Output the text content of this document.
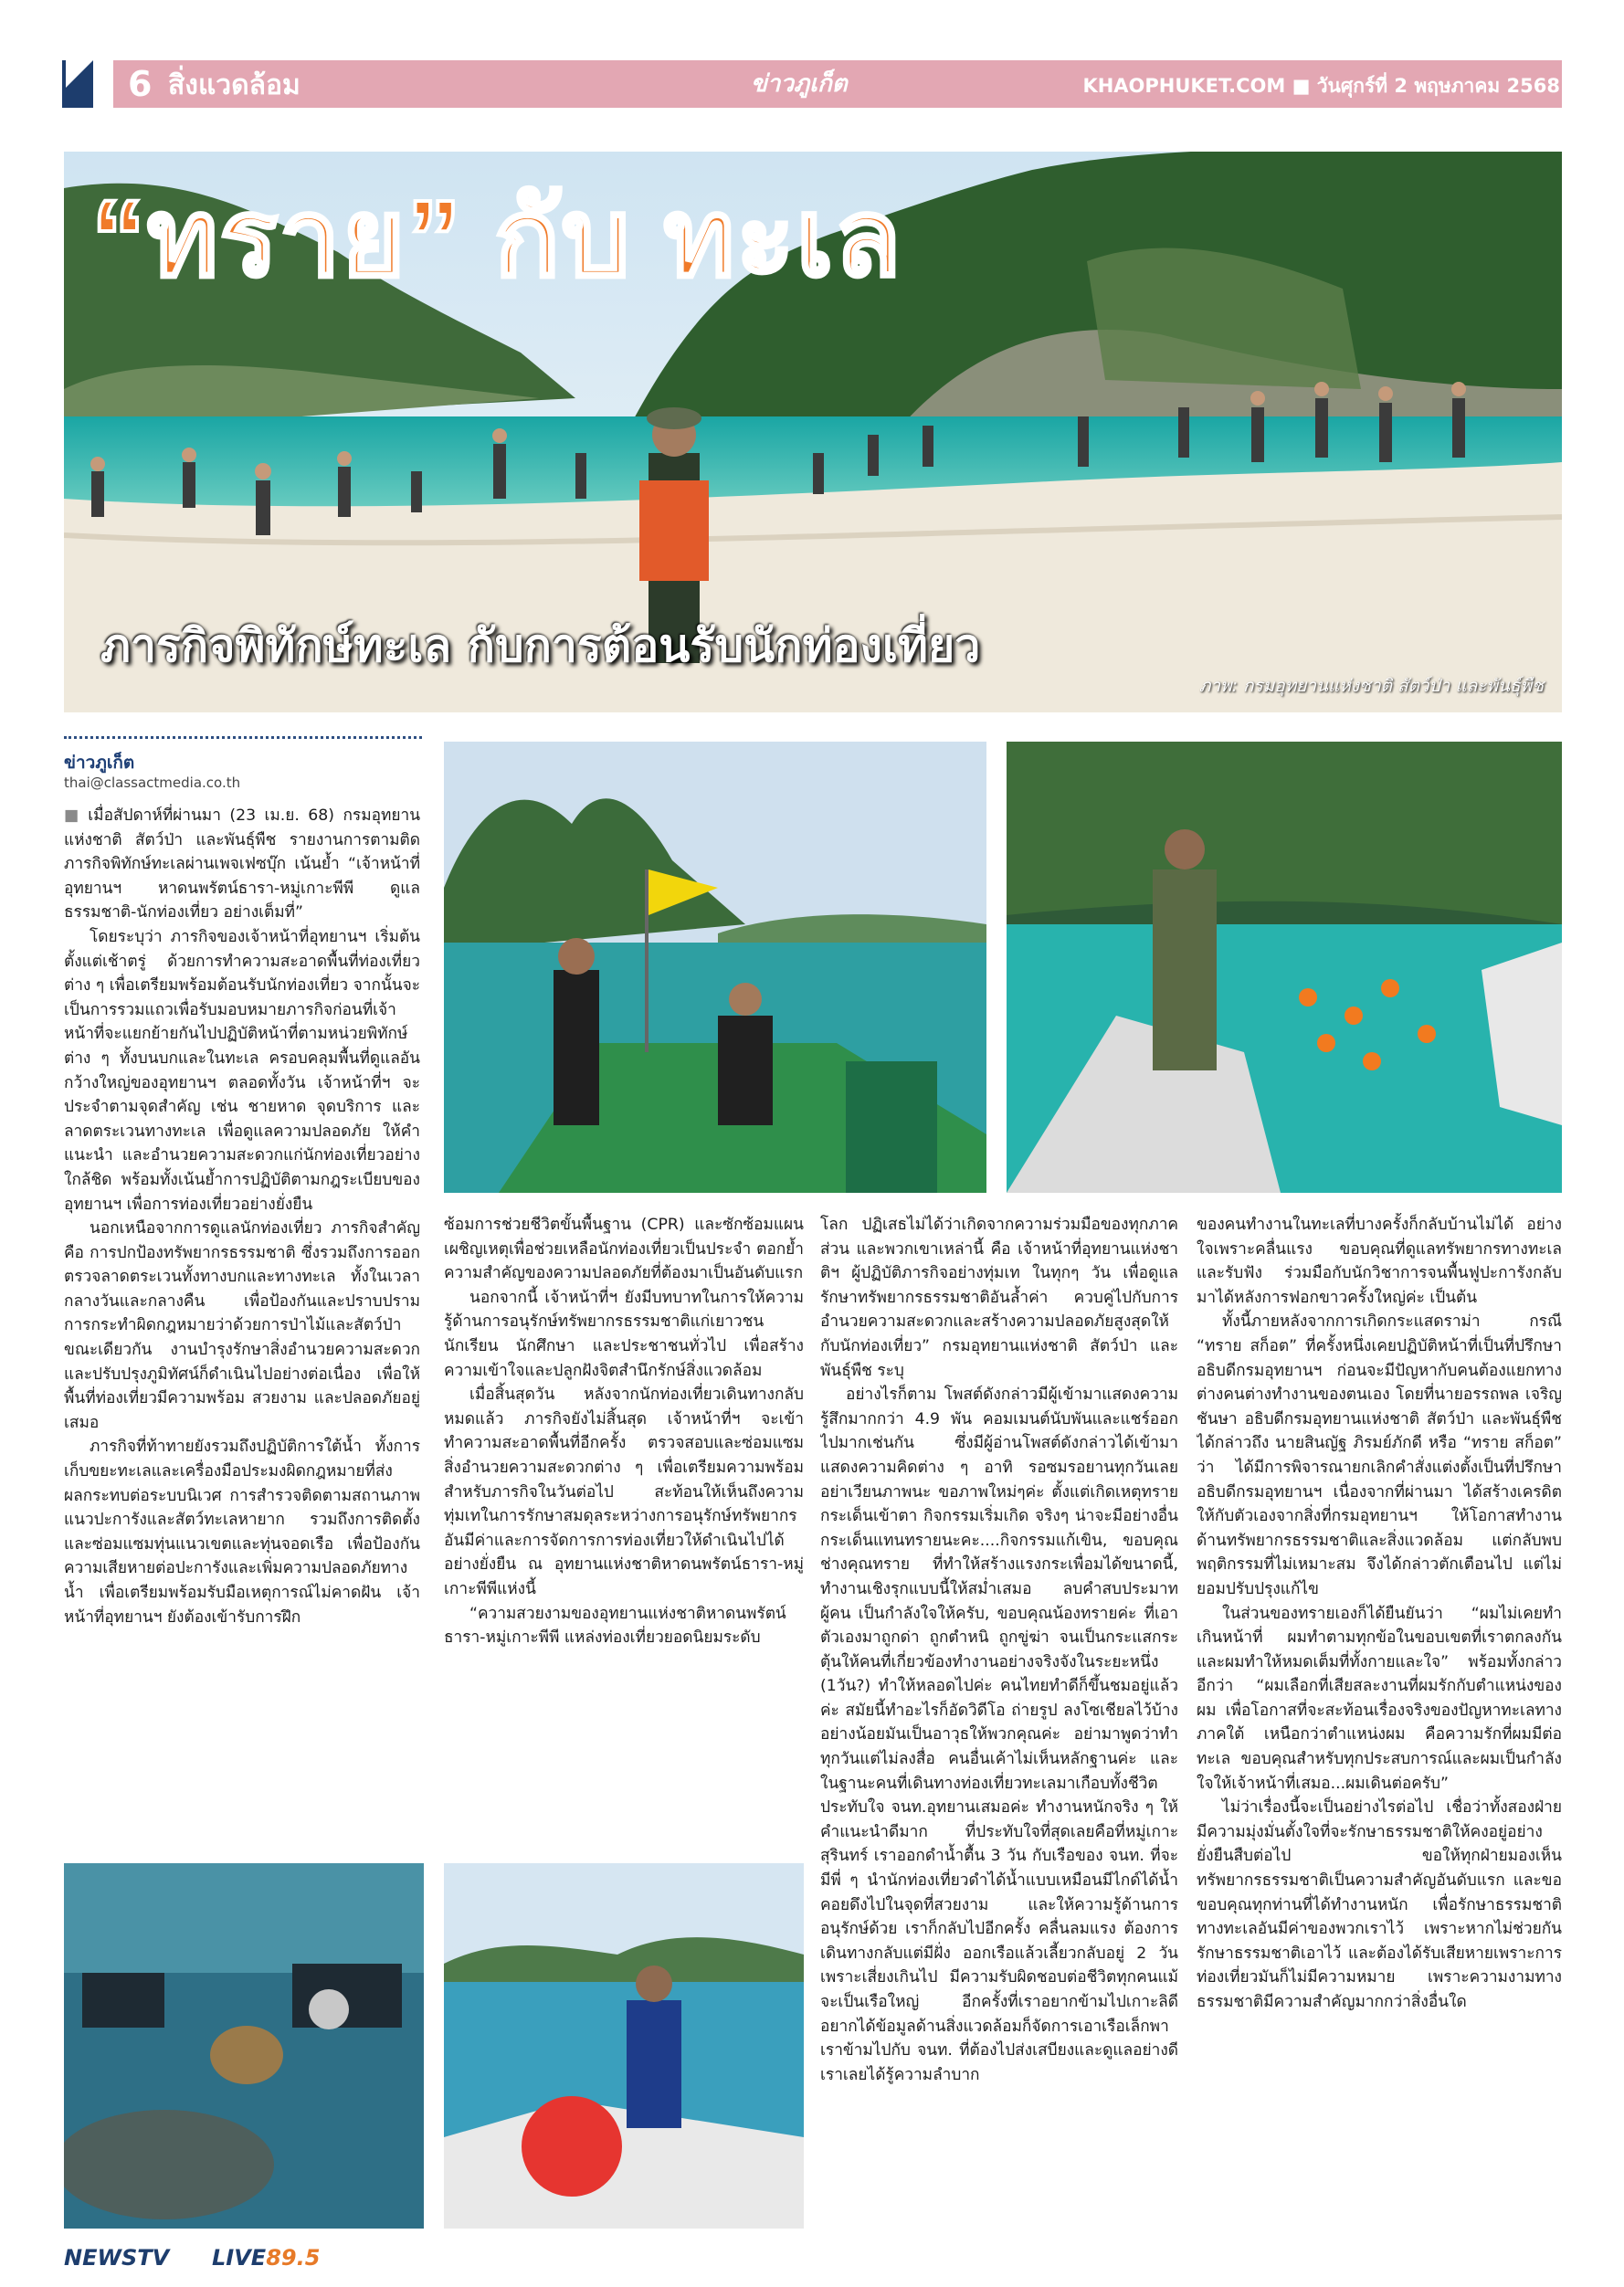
6 สิ่งแวดล้อม	ข่าวภูเก็ต	KHAOPHUKET.COM ■ วันศุกร์ที่ 2 พฤษภาคม 2568
“ทราย” กับ ทะเล
ภารกิจพิทักษ์ทะเล กับการต้อนรับนักท่องเที่ยว
ภาพ: กรมอุทยานแห่งชาติ สัตว์ป่า และพันธุ์พืช
ข่าวภูเก็ต
thai@classactmedia.co.th

■ เมื่อสัปดาห์ที่ผ่านมา (23 เม.ย. 68) กรมอุทยานแห่งชาติ สัตว์ป่า และพันธุ์พืช รายงานการตามติดภารกิจพิทักษ์ทะเลผ่านเพจเฟซบุ๊ก เน้นย้ำ “เจ้าหน้าที่อุทยานฯ หาดนพรัตน์ธารา-หมู่เกาะพีพี ดูแลธรรมชาติ-นักท่องเที่ยว อย่างเต็มที่”

โดยระบุว่า ภารกิจของเจ้าหน้าที่อุทยานฯ เริ่มต้นตั้งแต่เช้าตรู่ ด้วยการทำความสะอาดพื้นที่ท่องเที่ยวต่าง ๆ เพื่อเตรียมพร้อมต้อนรับนักท่องเที่ยว จากนั้นจะเป็นการรวมแถวเพื่อรับมอบหมายภารกิจก่อนที่เจ้าหน้าที่จะแยกย้ายกันไปปฏิบัติหน้าที่ตามหน่วยพิทักษ์ต่าง ๆ ทั้งบนบกและในทะเล ครอบคลุมพื้นที่ดูแลอันกว้างใหญ่ของอุทยานฯ ตลอดทั้งวัน เจ้าหน้าที่ฯ จะประจำตามจุดสำคัญ เช่น ชายหาด จุดบริการ และลาดตระเวนทางทะเล เพื่อดูแลความปลอดภัย ให้คำแนะนำ และอำนวยความสะดวกแก่นักท่องเที่ยวอย่างใกล้ชิด พร้อมทั้งเน้นย้ำการปฏิบัติตามกฎระเบียบของอุทยานฯ เพื่อการท่องเที่ยวอย่างยั่งยืน

นอกเหนือจากการดูแลนักท่องเที่ยว ภารกิจสำคัญคือ การปกป้องทรัพยากรธรรมชาติ ซึ่งรวมถึงการออกตรวจลาดตระเวนทั้งทางบกและทางทะเล ทั้งในเวลากลางวันและกลางคืน เพื่อป้องกันและปราบปรามการกระทำผิดกฎหมายว่าด้วยการป่าไม้และสัตว์ป่า ขณะเดียวกัน งานบำรุงรักษาสิ่งอำนวยความสะดวกและปรับปรุงภูมิทัศน์ก็ดำเนินไปอย่างต่อเนื่อง เพื่อให้พื้นที่ท่องเที่ยวมีความพร้อม สวยงาม และปลอดภัยอยู่เสมอ

ภารกิจที่ท้าทายยังรวมถึงปฏิบัติการใต้น้ำ ทั้งการเก็บขยะทะเลและเครื่องมือประมงผิดกฎหมายที่ส่งผลกระทบต่อระบบนิเวศ การสำรวจติดตามสถานภาพแนวปะการังและสัตว์ทะเลหายาก รวมถึงการติดตั้งและซ่อมแซมทุ่นแนวเขตและทุ่นจอดเรือ เพื่อป้องกันความเสียหายต่อปะการังและเพิ่มความปลอดภัยทางน้ำ เพื่อเตรียมพร้อมรับมือเหตุการณ์ไม่คาดฝัน เจ้าหน้าที่อุทยานฯ ยังต้องเข้ารับการฝึก

ซ้อมการช่วยชีวิตขั้นพื้นฐาน (CPR) และซักซ้อมแผนเผชิญเหตุเพื่อช่วยเหลือนักท่องเที่ยวเป็นประจำ ตอกย้ำความสำคัญของความปลอดภัยที่ต้องมาเป็นอันดับแรก

นอกจากนี้ เจ้าหน้าที่ฯ ยังมีบทบาทในการให้ความรู้ด้านการอนุรักษ์ทรัพยากรธรรมชาติแก่เยาวชน นักเรียน นักศึกษา และประชาชนทั่วไป เพื่อสร้างความเข้าใจและปลูกฝังจิตสำนึกรักษ์สิ่งแวดล้อม

เมื่อสิ้นสุดวัน หลังจากนักท่องเที่ยวเดินทางกลับหมดแล้ว ภารกิจยังไม่สิ้นสุด เจ้าหน้าที่ฯ จะเข้าทำความสะอาดพื้นที่อีกครั้ง ตรวจสอบและซ่อมแซมสิ่งอำนวยความสะดวกต่าง ๆ เพื่อเตรียมความพร้อมสำหรับภารกิจในวันต่อไป สะท้อนให้เห็นถึงความทุ่มเทในการรักษาสมดุลระหว่างการอนุรักษ์ทรัพยากรอันมีค่าและการจัดการการท่องเที่ยวให้ดำเนินไปได้อย่างยั่งยืน ณ อุทยานแห่งชาติหาดนพรัตน์ธารา-หมู่เกาะพีพีแห่งนี้

“ความสวยงามของอุทยานแห่งชาติหาดนพรัตน์ธารา-หมู่เกาะพีพี แหล่งท่องเที่ยวยอดนิยมระดับ

โลก ปฏิเสธไม่ได้ว่าเกิดจากความร่วมมือของทุกภาคส่วน และพวกเขาเหล่านี้ คือ เจ้าหน้าที่อุทยานแห่งชาติฯ ผู้ปฏิบัติภารกิจอย่างทุ่มเท ในทุกๆ วัน เพื่อดูแลรักษาทรัพยากรธรรมชาติอันล้ำค่า ควบคู่ไปกับการอำนวยความสะดวกและสร้างความปลอดภัยสูงสุดให้กับนักท่องเที่ยว” กรมอุทยานแห่งชาติ สัตว์ป่า และพันธุ์พืช ระบุ

อย่างไรก็ตาม โพสต์ดังกล่าวมีผู้เข้ามาแสดงความรู้สึกมากกว่า 4.9 พัน คอมเมนต์นับพันและแชร์ออกไปมากเช่นกัน ซึ่งมีผู้อ่านโพสต์ดังกล่าวได้เข้ามาแสดงความคิดต่าง ๆ อาทิ รอซมรอยานทุกวันเลย อย่าเวียนภาพนะ ขอภาพใหม่ๆค่ะ ตั้งแต่เกิดเหตุทรายกระเด็นเข้าตา กิจกรรมเริ่มเกิด จริงๆ น่าจะมีอย่างอื่นกระเด็นแทนทรายนะคะ....กิจกรรมแก้เขิน, ขอบคุณช่างคุณทราย ที่ทำให้สร้างแรงกระเพื่อมได้ขนาดนี้, ทำงานเชิงรุกแบบนี้ให้สม่ำเสมอ ลบคำสบประมาทผู้คน เป็นกำลังใจให้ครับ, ขอบคุณน้องทรายค่ะ ที่เอาตัวเองมาถูกด่า ถูกตำหนิ ถูกขู่ฆ่า จนเป็นกระแสกระตุ้นให้คนที่เกี่ยวข้องทำงานอย่างจริงจังในระยะหนึ่ง (1วัน?) ทำให้หลอดไปค่ะ คนไทยทำดีก็ขึ้นชมอยู่แล้วค่ะ สมัยนี้ทำอะไรก็อัดวิดีโอ ถ่ายรูป ลงโซเชียลไว้บ้างอย่างน้อยมันเป็นอาวุธให้พวกคุณค่ะ อย่ามาพูดว่าทำทุกวันแต่ไม่ลงสื่อ คนอื่นเค้าไม่เห็นหลักฐานค่ะ และ ในฐานะคนที่เดินทางท่องเที่ยวทะเลมาเกือบทั้งชีวิต ประทับใจ จนท.อุทยานเสมอค่ะ ทำงานหนักจริง ๆ ให้คำแนะนำดีมาก ที่ประทับใจที่สุดเลยคือที่หมู่เกาะสุรินทร์ เราออกดำน้ำตื้น 3 วัน กับเรือของ จนท. ที่จะมีพี่ ๆ นำนักท่องเที่ยวดำได้น้ำแบบเหมือนมีไกด์ได้น้ำ คอยดึงไปในจุดที่สวยงาม และให้ความรู้ด้านการอนุรักษ์ด้วย เราก็กลับไปอีกครั้ง คลื่นลมแรง ต้องการเดินทางกลับแต่มีฝั่ง ออกเรือแล้วเลี้ยวกลับอยู่ 2 วัน เพราะเสี่ยงเกินไป มีความรับผิดชอบต่อชีวิตทุกคนแม้จะเป็นเรือใหญ่ อีกครั้งที่เราอยากข้ามไปเกาะลิดี อยากได้ข้อมูลด้านสิ่งแวดล้อมก็จัดการเอาเรือเล็กพาเราข้ามไปกับ จนท. ที่ต้องไปส่งเสบียงและดูแลอย่างดี เราเลยได้รู้ความลำบาก

ของคนทำงานในทะเลที่บางครั้งก็กลับบ้านไม่ได้ อย่างใจเพราะคลื่นแรง ขอบคุณที่ดูแลทรัพยากรทางทะเลและรับฟัง ร่วมมือกับนักวิชาการจนพื้นฟูปะการังกลับมาได้หลังการฟอกขาวครั้งใหญ่ค่ะ เป็นต้น

ทั้งนี้ภายหลังจากการเกิดกระแสดราม่า กรณี “ทราย สก็อต” ที่ครั้งหนึ่งเคยปฏิบัติหน้าที่เป็นที่ปรึกษาอธิบดีกรมอุทยานฯ ก่อนจะมีปัญหากับคนต้องแยกทางต่างคนต่างทำงานของตนเอง โดยที่นายอรรถพล เจริญชันษา อธิบดีกรมอุทยานแห่งชาติ สัตว์ป่า และพันธุ์พืช ได้กล่าวถึง นายสินญัฐ ภิรมย์ภักดี หรือ “ทราย สก็อต” ว่า ได้มีการพิจารณายกเลิกคำสั่งแต่งตั้งเป็นที่ปรึกษาอธิบดีกรมอุทยานฯ เนื่องจากที่ผ่านมา ได้สร้างเครดิตให้กับตัวเองจากสิ่งที่กรมอุทยานฯ ให้โอกาสทำงานด้านทรัพยากรธรรมชาติและสิ่งแวดล้อม แต่กลับพบพฤติกรรมที่ไม่เหมาะสม จึงได้กล่าวตักเตือนไป แต่ไม่ยอมปรับปรุงแก้ไข

ในส่วนของทรายเองก็ได้ยืนยันว่า “ผมไม่เคยทำเกินหน้าที่ ผมทำตามทุกข้อในขอบเขตที่เราตกลงกันและผมทำให้หมดเต็มที่ทั้งกายและใจ” พร้อมทั้งกล่าวอีกว่า “ผมเลือกที่เสียสละงานที่ผมรักกับตำแหน่งของผม เพื่อโอกาสที่จะสะท้อนเรื่องจริงของปัญหาทะเลทางภาคใต้ เหนือกว่าตำแหน่งผม คือความรักที่ผมมีต่อทะเล ขอบคุณสำหรับทุกประสบการณ์และผมเป็นกำลังใจให้เจ้าหน้าที่เสมอ...ผมเดินต่อครับ”

ไม่ว่าเรื่องนี้จะเป็นอย่างไรต่อไป เชื่อว่าทั้งสองฝ่ายมีความมุ่งมั่นตั้งใจที่จะรักษาธรรมชาติให้คงอยู่อย่างยั่งยืนสืบต่อไป ขอให้ทุกฝ่ายมองเห็นทรัพยากรธรรมชาติเป็นความสำคัญอันดับแรก และขอขอบคุณทุกท่านที่ได้ทำงานหนัก เพื่อรักษาธรรมชาติทางทะเลอันมีค่าของพวกเราไว้ เพราะหากไม่ช่วยกันรักษาธรรมชาติเอาไว้ และต้องได้รับเสียหายเพราะการท่องเที่ยวมันก็ไม่มีความหมาย เพราะความงามทางธรรมชาติมีความสำคัญมากกว่าสิ่งอื่นใด

NEWSTV LIVE89.5
